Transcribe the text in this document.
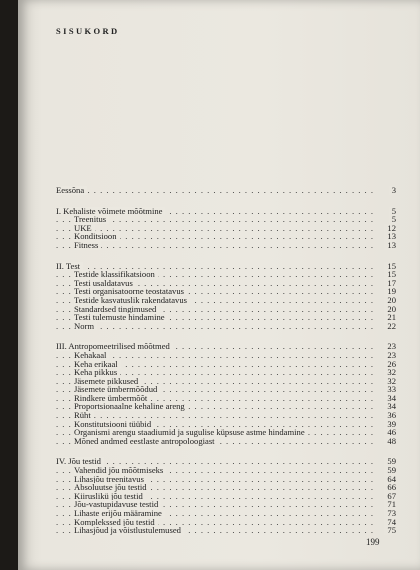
SISUKORD
. . .
Eessõna	3
. . .
I. Kehaliste võimete mõõtmine	5
. . .
Treenitus	5
. . .
UKE	12
. . .
Konditsioon	13
. . .
Fitness	13
. . .
II. Test	15
. . .
Testide klassifikatsioon	15
. . .
Testi usaldatavus	17
. . .
Testi organisatoorne teostatavus	19
. . .
Testide kasvatuslik rakendatavus	20
. . .
Standardsed tingimused	20
. . .
Testi tulemuste hindamine	21
. . .
Norm	22
. . .
III. Antropomeetrilised mõõtmed	23
. . .
Kehakaal	23
. . .
Keha erikaal	26
. . .
Keha pikkus	32
. . .
Jäsemete pikkused	32
. . .
Jäsemete ümbermõõdud	33
. . .
Rindkere ümbermõõt	34
. . .
Proportsionaalne kehaline areng	34
. . .
Rüht	36
. . .
Konstitutsiooni tüübid	39
. . .
Organismi arengu staadiumid ja sugulise küpsuse astme hindamine	46
. . .
Mõned andmed eestlaste antropoloogiast	48
. . .
IV. Jõu testid	59
. . .
Vahendid jõu mõõtmiseks	59
. . .
Lihasjõu treenitavus	64
. . .
Absoluutse jõu testid	66
. . .
Kiiruslikü jõu testid	67
. . .
Jõu-vastupidavuse testid	71
. . .
Lihaste erijõu määramine	73
. . .
Komplekssed jõu testid	74
. . .
Lihasjõud ja võistlustulemused	75
199
